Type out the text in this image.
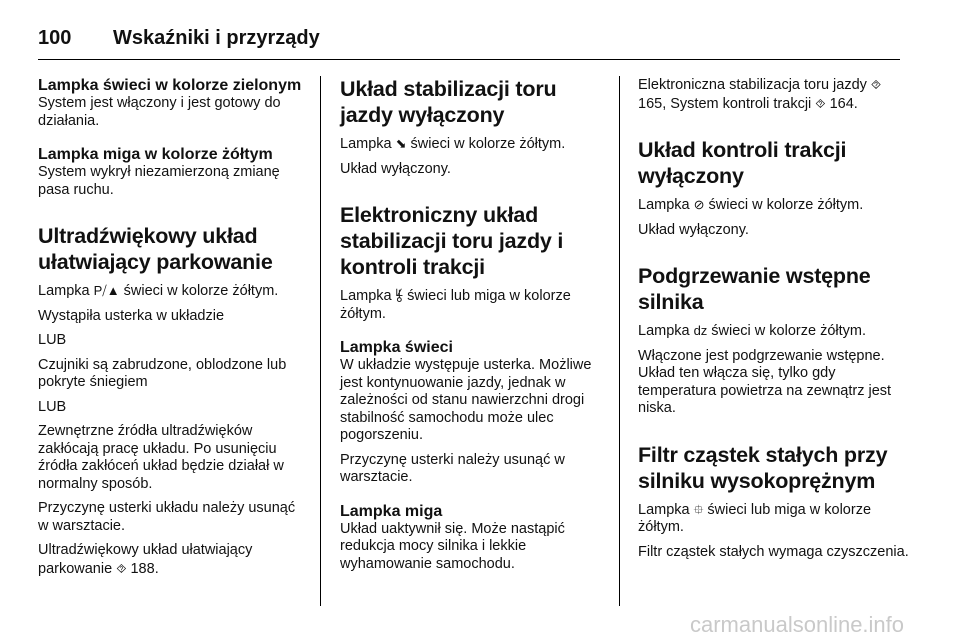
100	Wskaźniki i przyrządy
Lampka świeci w kolorze zielonym

System jest włączony i jest gotowy do działania.

Lampka miga w kolorze żółtym

System wykrył niezamierzoną zmianę pasa ruchu.

Ultradźwiękowy układ ułatwiający parkowanie

Lampka P⧸▲ świeci w kolorze żółtym.

Wystąpiła usterka w układzie

LUB

Czujniki są zabrudzone, oblodzone lub pokryte śniegiem

LUB

Zewnętrzne źródła ultradźwięków zakłócają pracę układu. Po usunięciu źródła zakłóceń układ będzie działał w normalny sposób.

Przyczynę usterki układu należy usunąć w warsztacie.

Ultradźwiękowy układ ułatwiający parkowanie ⯑ 188.

Układ stabilizacji toru jazdy wyłączony

Lampka ⬊ świeci w kolorze żółtym.

Układ wyłączony.

Elektroniczny układ stabilizacji toru jazdy i kontroli trakcji

Lampka ⯉ świeci lub miga w kolorze żółtym.

Lampka świeci

W układzie występuje usterka. Możliwe jest kontynuowanie jazdy, jednak w zależności od stanu nawierzchni drogi stabilność samochodu może ulec pogorszeniu.

Przyczynę usterki należy usunąć w warsztacie.

Lampka miga

Układ uaktywnił się. Może nastąpić redukcja mocy silnika i lekkie wyhamowanie samochodu.

Elektroniczna stabilizacja toru jazdy ⯑ 165, System kontroli trakcji ⯑ 164.

Układ kontroli trakcji wyłączony

Lampka ⊘ świeci w kolorze żółtym.

Układ wyłączony.

Podgrzewanie wstępne silnika

Lampka ǳ świeci w kolorze żółtym.

Włączone jest podgrzewanie wstępne. Układ ten włącza się, tylko gdy temperatura powietrza na zewnątrz jest niska.

Filtr cząstek stałych przy silniku wysokoprężnym

Lampka ⯐ świeci lub miga w kolorze żółtym.

Filtr cząstek stałych wymaga czyszczenia.

carmanualsonline.info
